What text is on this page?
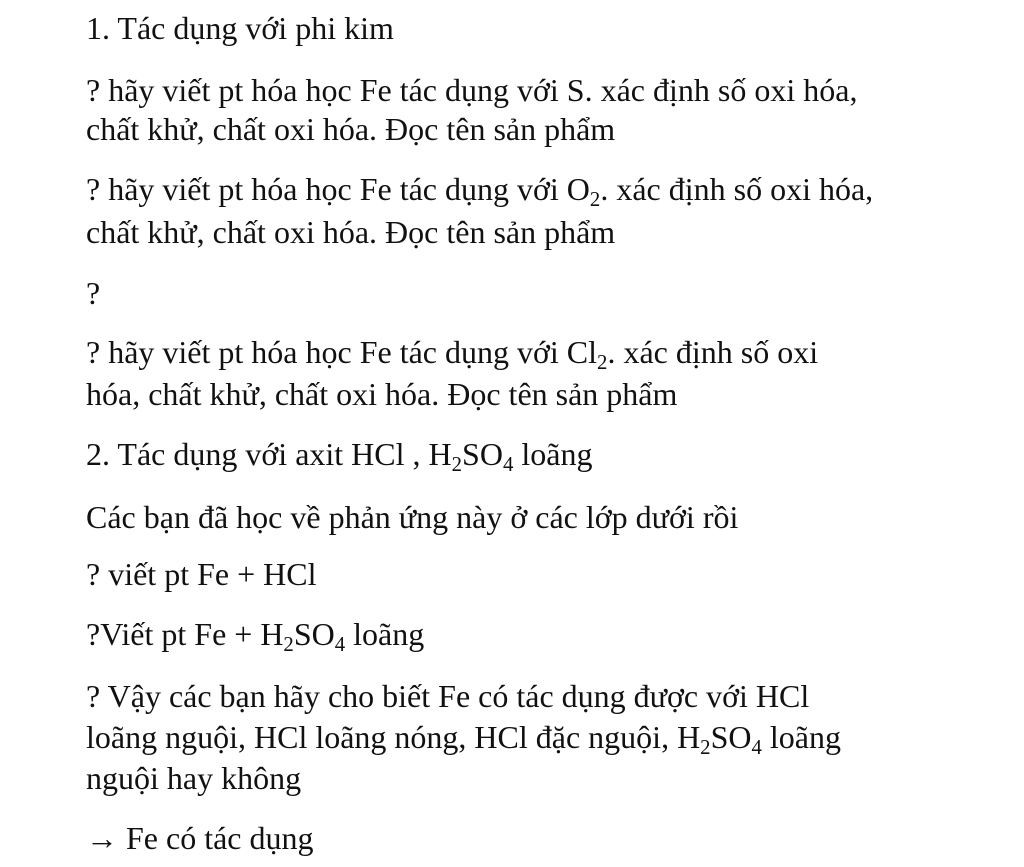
1. Tác dụng với phi kim
? hãy viết pt hóa học Fe tác dụng với S. xác định số oxi hóa,
chất khử, chất oxi hóa. Đọc tên sản phẩm
? hãy viết pt hóa học Fe tác dụng với $O_2$. xác định số oxi hóa,
chất khử, chất oxi hóa. Đọc tên sản phẩm
?
? hãy viết pt hóa học Fe tác dụng với $Cl_2$. xác định số oxi
hóa, chất khử, chất oxi hóa. Đọc tên sản phẩm
2. Tác dụng với axit HCl , $H_2SO_4$ loãng
Các bạn đã học về phản ứng này ở các lớp dưới rồi
? viết pt Fe + HCl
?Viết pt $Fe + H_2SO_4$ loãng
? Vậy các bạn hãy cho biết Fe có tác dụng được với HCl
loãng nguội, HCl loãng nóng, HCl đặc nguội, $H_2SO_4$ loãng
nguội hay không
→ Fe có tác dụng
